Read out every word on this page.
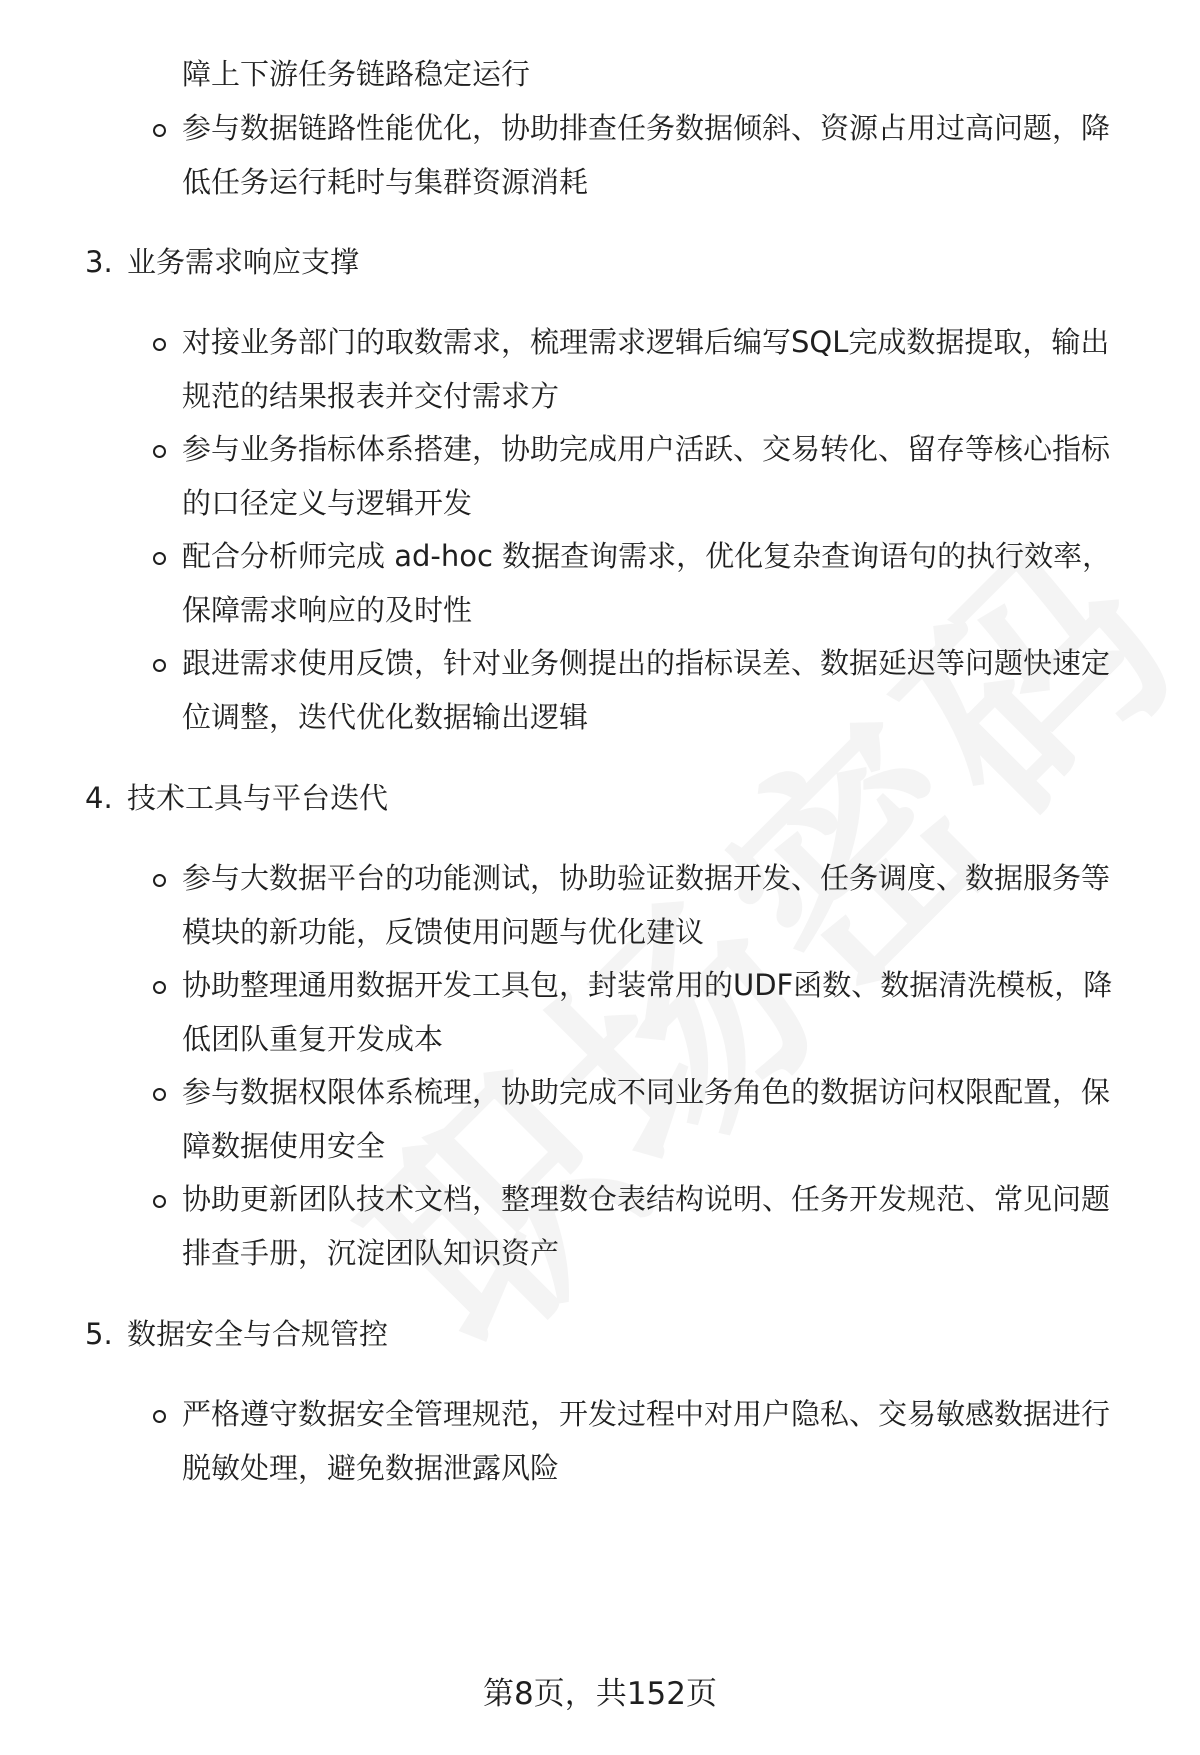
障上下游任务链路稳定运行
参与数据链路性能优化，协助排查任务数据倾斜、资源占用过高问题，降
低任务运行耗时与集群资源消耗
3. 业务需求响应支撑
对接业务部门的取数需求，梳理需求逻辑后编写SQL完成数据提取，输出
规范的结果报表并交付需求方
参与业务指标体系搭建，协助完成用户活跃、交易转化、留存等核心指标
的口径定义与逻辑开发
配合分析师完成 ad-hoc 数据查询需求，优化复杂查询语句的执行效率，
保障需求响应的及时性
跟进需求使用反馈，针对业务侧提出的指标误差、数据延迟等问题快速定
位调整，迭代优化数据输出逻辑
4. 技术工具与平台迭代
参与大数据平台的功能测试，协助验证数据开发、任务调度、数据服务等
模块的新功能，反馈使用问题与优化建议
协助整理通用数据开发工具包，封装常用的UDF函数、数据清洗模板，降
低团队重复开发成本
参与数据权限体系梳理，协助完成不同业务角色的数据访问权限配置，保
障数据使用安全
协助更新团队技术文档，整理数仓表结构说明、任务开发规范、常见问题
排查手册，沉淀团队知识资产
5. 数据安全与合规管控
严格遵守数据安全管理规范，开发过程中对用户隐私、交易敏感数据进行
脱敏处理，避免数据泄露风险
第8页，共152页
